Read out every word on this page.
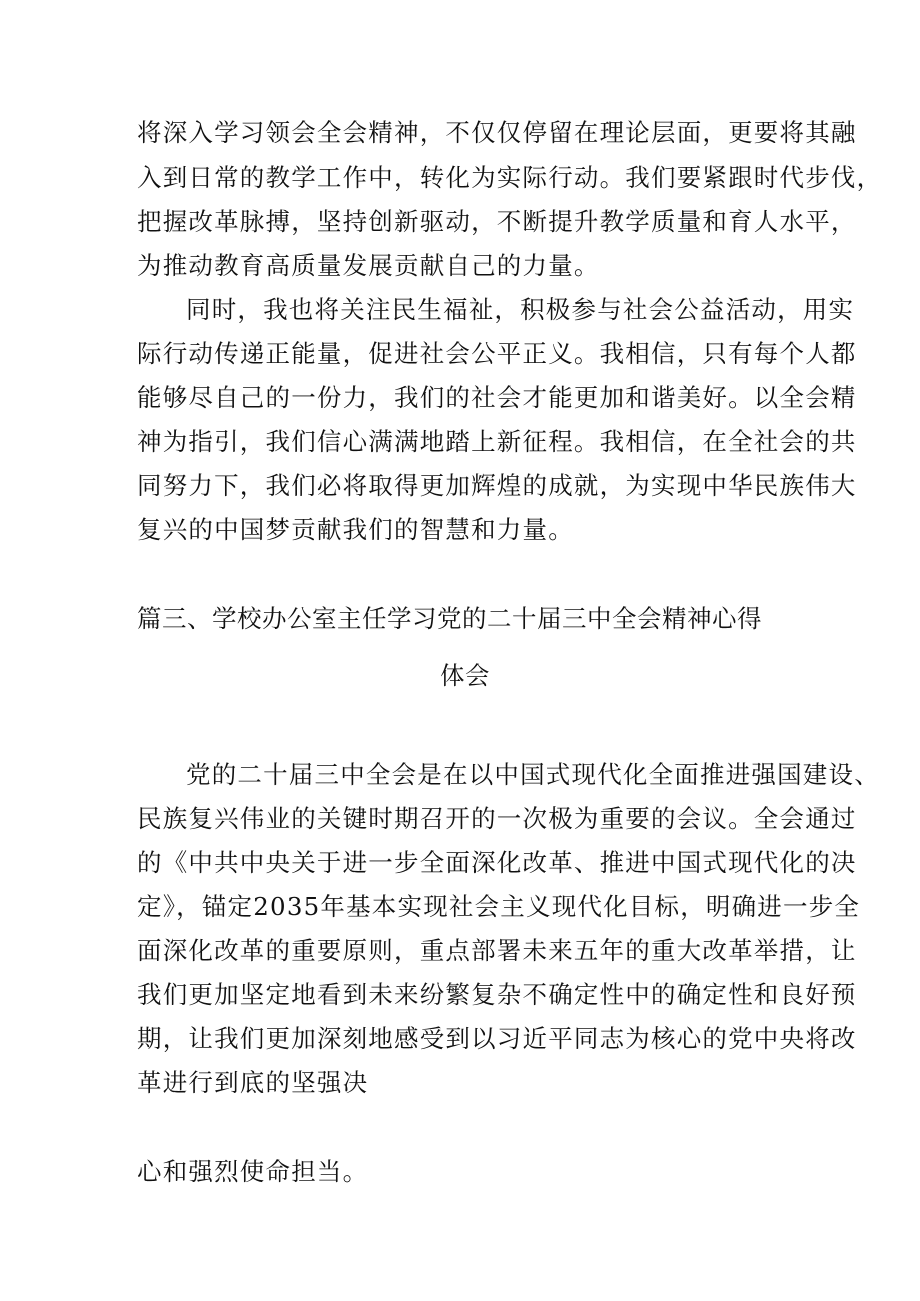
将深入学习领会全会精神，不仅仅停留在理论层面，更要将其融
入到日常的教学工作中，转化为实际行动。我们要紧跟时代步伐，
把握改革脉搏，坚持创新驱动，不断提升教学质量和育人水平，
为推动教育高质量发展贡献自己的力量。
同时，我也将关注民生福祉，积极参与社会公益活动，用实
际行动传递正能量，促进社会公平正义。我相信，只有每个人都
能够尽自己的一份力，我们的社会才能更加和谐美好。以全会精
神为指引，我们信心满满地踏上新征程。我相信，在全社会的共
同努力下，我们必将取得更加辉煌的成就，为实现中华民族伟大
复兴的中国梦贡献我们的智慧和力量。
篇三、学校办公室主任学习党的二十届三中全会精神心得
体会
党的二十届三中全会是在以中国式现代化全面推进强国建设、
民族复兴伟业的关键时期召开的一次极为重要的会议。全会通过
的《中共中央关于进一步全面深化改革、推进中国式现代化的决
定》，锚定2035年基本实现社会主义现代化目标，明确进一步全
面深化改革的重要原则，重点部署未来五年的重大改革举措，让
我们更加坚定地看到未来纷繁复杂不确定性中的确定性和良好预
期，让我们更加深刻地感受到以习近平同志为核心的党中央将改
革进行到底的坚强决
心和强烈使命担当。
